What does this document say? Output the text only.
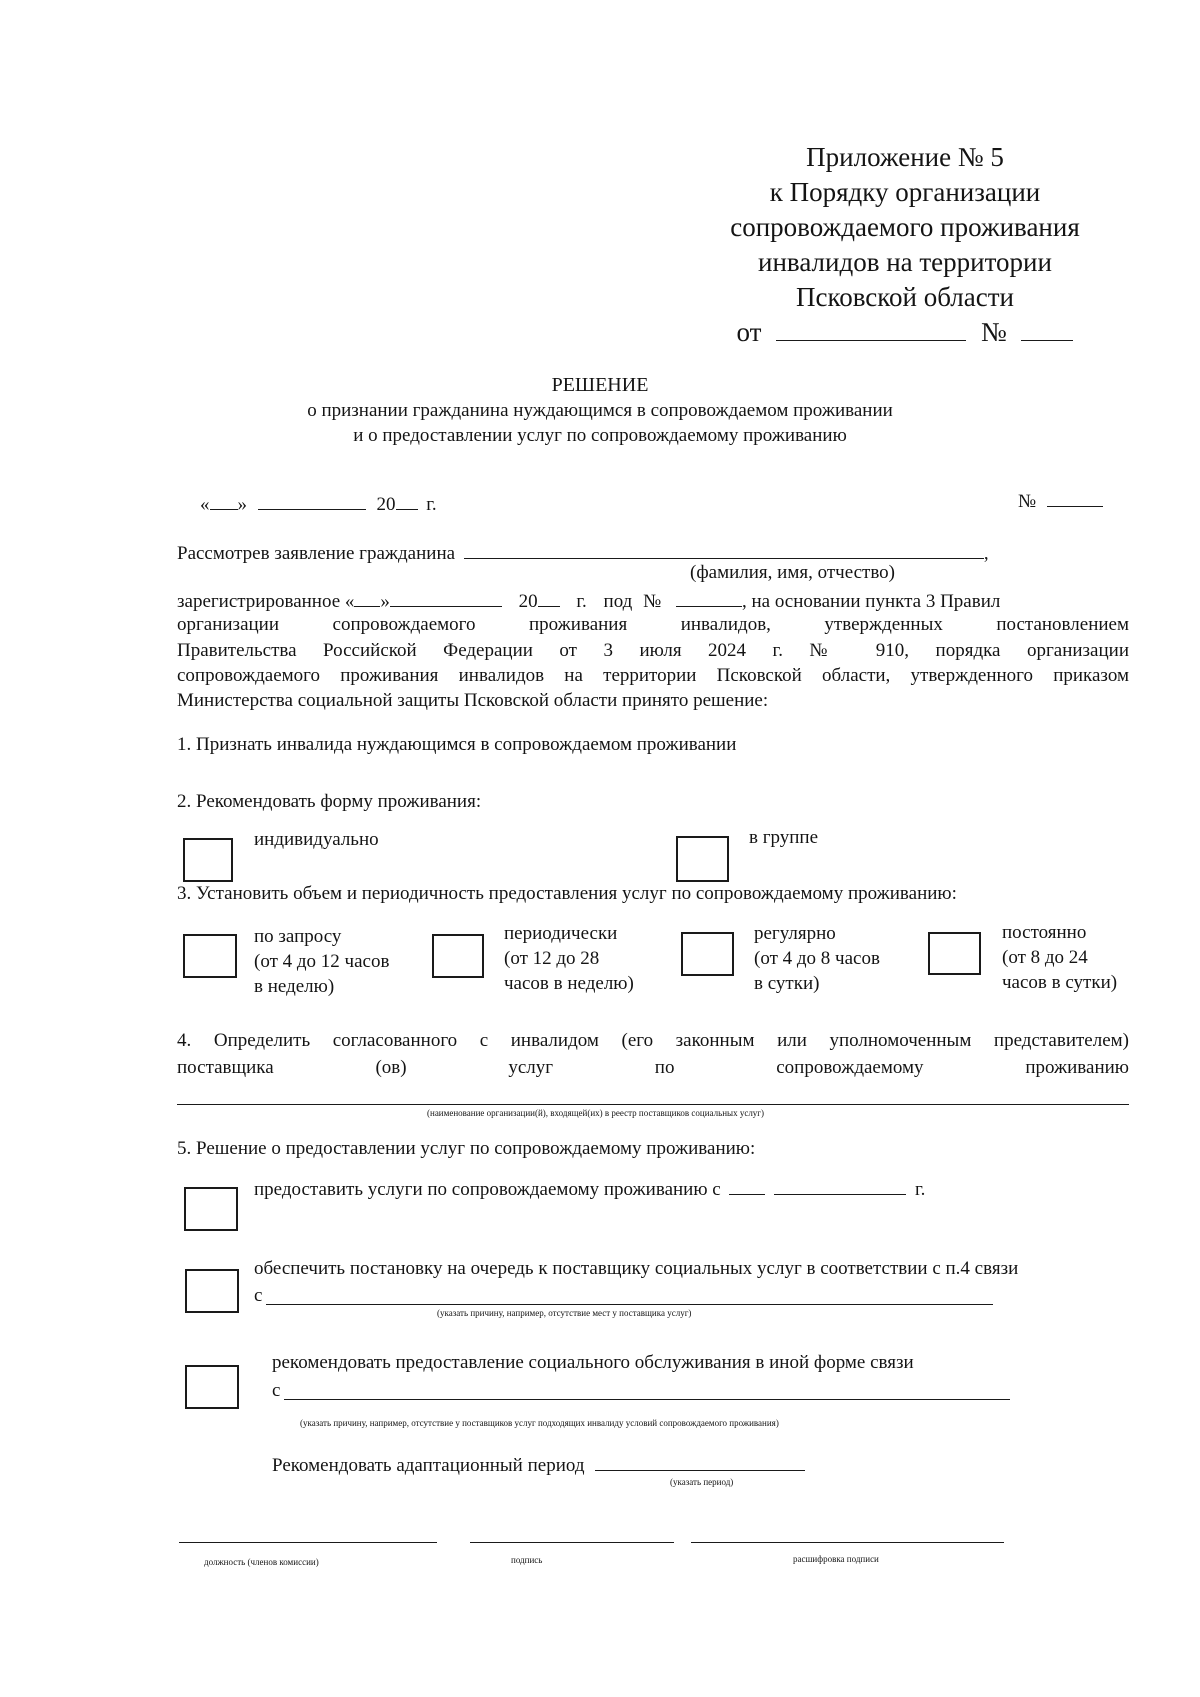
Приложение № 5
к Порядку организации
сопровождаемого проживания
инвалидов на территории
Псковской области
от	№
РЕШЕНИЕ
о признании гражданина нуждающимся в сопровождаемом проживании
и о предоставлении услуг по сопровождаемому проживанию
« »	20 г.	№
Рассмотрев заявление гражданина	,
(фамилия, имя, отчество)
зарегистрированное « »	20 г. под №	, на основании пункта 3 Правил
организации сопровождаемого проживания инвалидов, утвержденных постановлением
Правительства Российской Федерации от 3 июля 2024 г. № 910, порядка организации
сопровождаемого проживания инвалидов на территории Псковской области, утвержденного приказом
Министерства социальной защиты Псковской области принято решение:
1. Признать инвалида нуждающимся в сопровождаемом проживании
2. Рекомендовать форму проживания:
индивидуально	в группе
3. Установить объем и периодичность предоставления услуг по сопровождаемому проживанию:
по запросу
(от 4 до 12 часов
в неделю)
периодически
(от 12 до 28
часов в неделю)
регулярно
(от 4 до 8 часов
в сутки)
постоянно
(от 8 до 24
часов в сутки)
4. Определить согласованного с инвалидом (его законным или уполномоченным представителем)
поставщика (ов) услуг по сопровождаемому проживанию
(наименование организации(й), входящей(их) в реестр поставщиков социальных услуг)
5. Решение о предоставлении услуг по сопровождаемому проживанию:
предоставить услуги по сопровождаемому проживанию с	г.
обеспечить постановку на очередь к поставщику социальных услуг в соответствии с п.4 связи
с
(указать причину, например, отсутствие мест у поставщика услуг)
рекомендовать предоставление социального обслуживания в иной форме связи
с
(указать причину, например, отсутствие у поставщиков услуг подходящих инвалиду условий сопровождаемого проживания)
Рекомендовать адаптационный период
(указать период)
должность (членов комиссии)	подпись	расшифровка подписи
